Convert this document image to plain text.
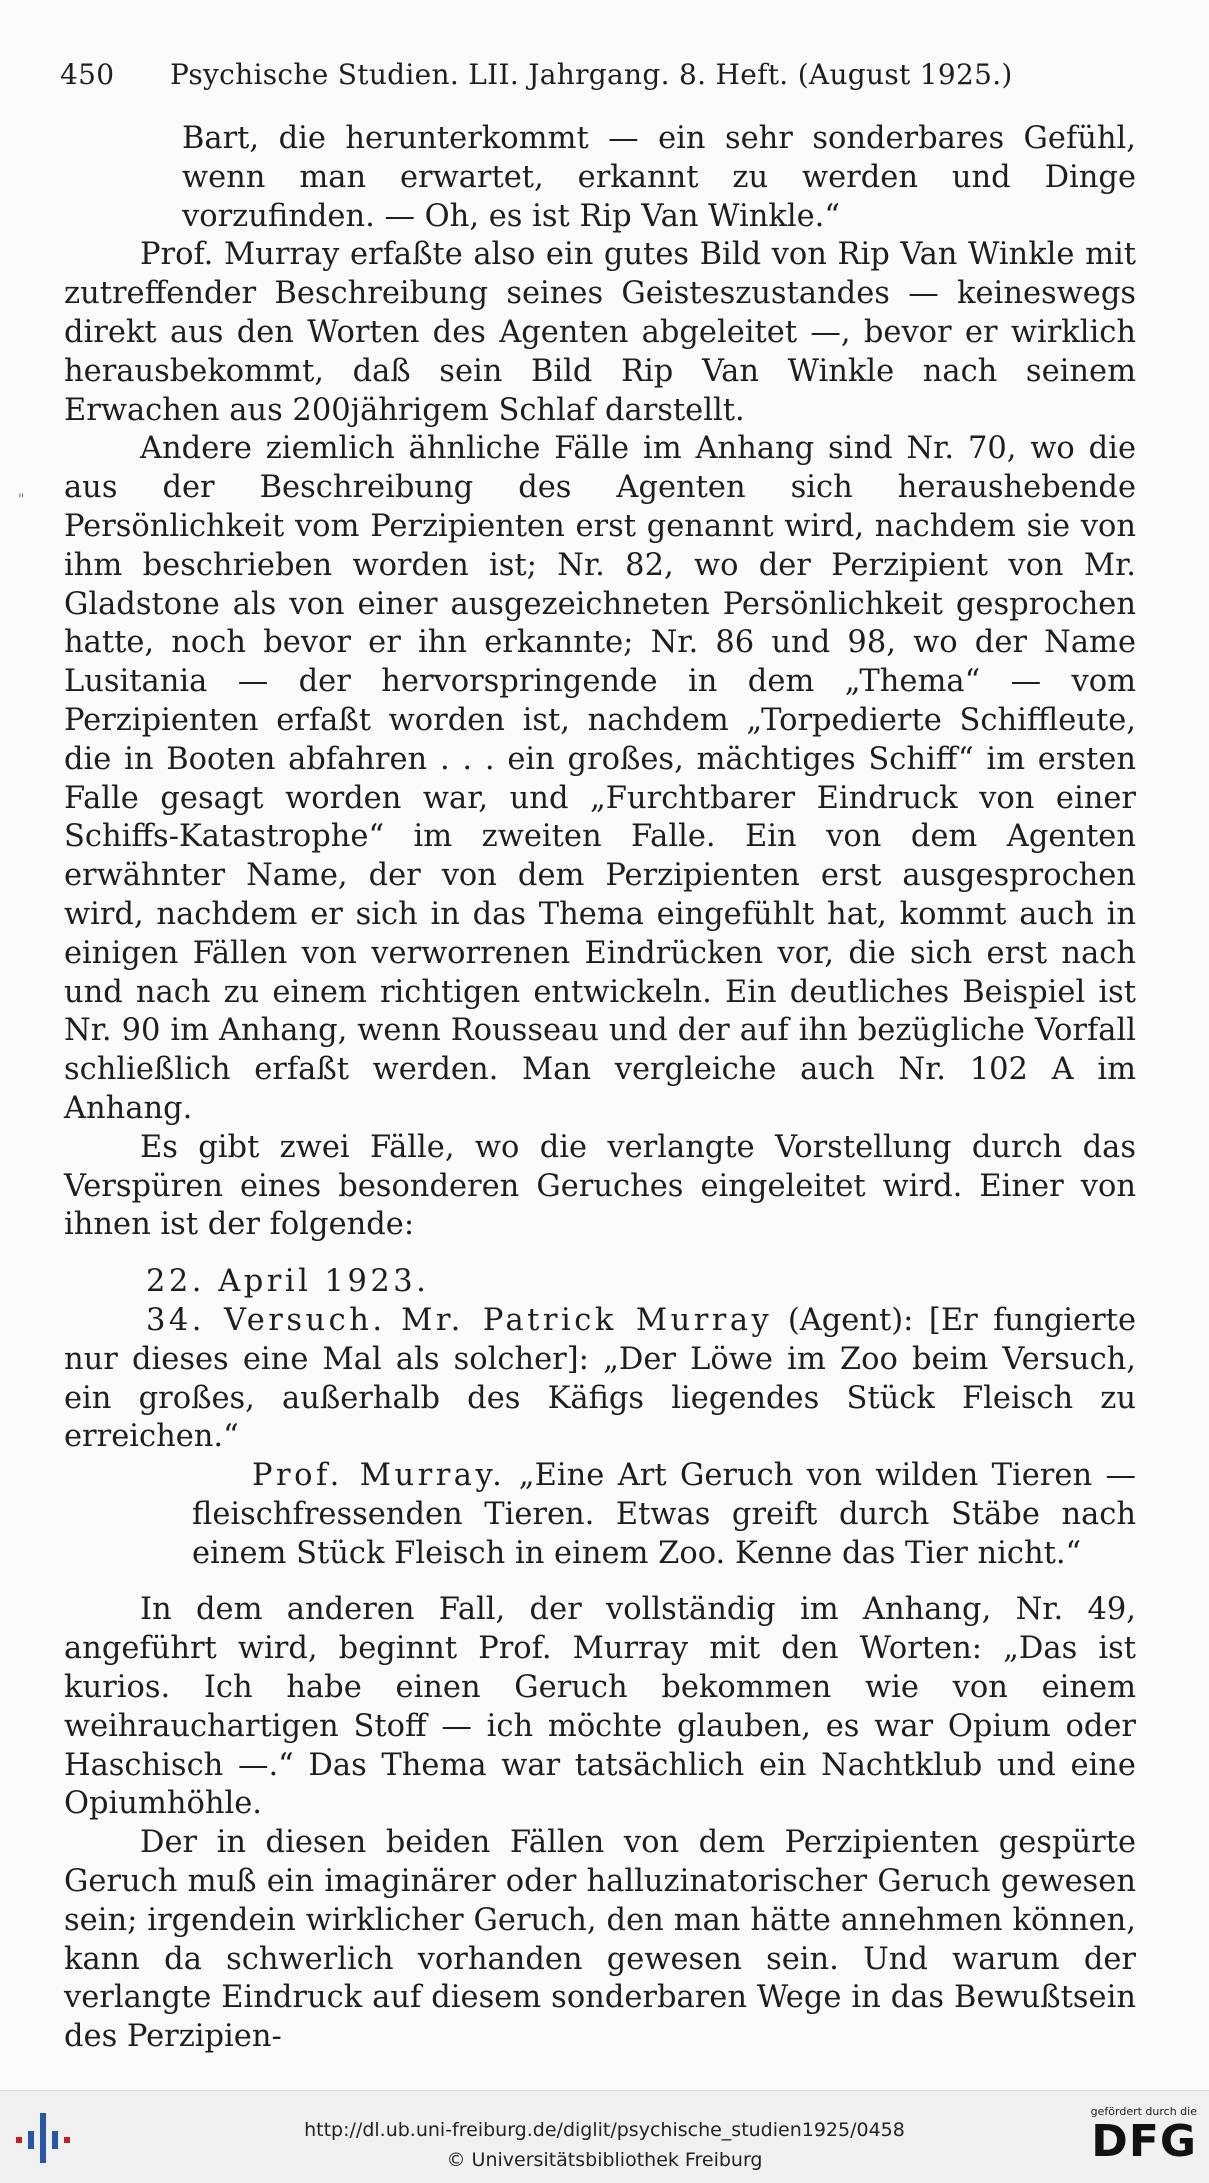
450 Psychische Studien. LII. Jahrgang. 8. Heft. (August 1925.)
"

Bart, die herunterkommt — ein sehr sonderbares Gefühl, wenn man erwartet, erkannt zu werden und Dinge vorzufinden. — Oh, es ist Rip Van Winkle.“

Prof. Murray erfaßte also ein gutes Bild von Rip Van Winkle mit zutreffender Beschreibung seines Geisteszustandes — keineswegs direkt aus den Worten des Agenten abgeleitet —, bevor er wirklich herausbekommt, daß sein Bild Rip Van Winkle nach seinem Erwachen aus 200jährigem Schlaf darstellt.

Andere ziemlich ähnliche Fälle im Anhang sind Nr. 70, wo die aus der Beschreibung des Agenten sich heraushebende Persönlichkeit vom Perzipienten erst genannt wird, nachdem sie von ihm beschrieben worden ist; Nr. 82, wo der Perzipient von Mr. Gladstone als von einer ausgezeichneten Persönlichkeit gesprochen hatte, noch bevor er ihn erkannte; Nr. 86 und 98, wo der Name Lusitania — der hervorspringende in dem „Thema“ — vom Perzipienten erfaßt worden ist, nachdem „Torpedierte Schiffleute, die in Booten abfahren . . . ein großes, mächtiges Schiff“ im ersten Falle gesagt worden war, und „Furchtbarer Eindruck von einer Schiffs-Katastrophe“ im zweiten Falle. Ein von dem Agenten erwähnter Name, der von dem Perzipienten erst ausgesprochen wird, nachdem er sich in das Thema eingefühlt hat, kommt auch in einigen Fällen von verworrenen Eindrücken vor, die sich erst nach und nach zu einem richtigen entwickeln. Ein deutliches Beispiel ist Nr. 90 im Anhang, wenn Rousseau und der auf ihn bezügliche Vorfall schließlich erfaßt werden. Man vergleiche auch Nr. 102 A im Anhang.

Es gibt zwei Fälle, wo die verlangte Vorstellung durch das Verspüren eines besonderen Geruches eingeleitet wird. Einer von ihnen ist der folgende:

22. April 1923.

34. Versuch. Mr. Patrick Murray (Agent): [Er fungierte nur dieses eine Mal als solcher]: „Der Löwe im Zoo beim Versuch, ein großes, außerhalb des Käfigs liegendes Stück Fleisch zu erreichen.“

Prof. Murray. „Eine Art Geruch von wilden Tieren — fleischfressenden Tieren. Etwas greift durch Stäbe nach einem Stück Fleisch in einem Zoo. Kenne das Tier nicht.“

In dem anderen Fall, der vollständig im Anhang, Nr. 49, angeführt wird, beginnt Prof. Murray mit den Worten: „Das ist kurios. Ich habe einen Geruch bekommen wie von einem weihrauchartigen Stoff — ich möchte glauben, es war Opium oder Haschisch —.“ Das Thema war tatsächlich ein Nachtklub und eine Opiumhöhle.

Der in diesen beiden Fällen von dem Perzipienten gespürte Geruch muß ein imaginärer oder halluzinatorischer Geruch gewesen sein; irgendein wirklicher Geruch, den man hätte annehmen können, kann da schwerlich vorhanden gewesen sein. Und warum der verlangte Eindruck auf diesem sonderbaren Wege in das Bewußtsein des Perzipien-

http://dl.ub.uni-freiburg.de/diglit/psychische_studien1925/0458
© Universitätsbibliothek Freiburg
gefördert durch die
DFG
